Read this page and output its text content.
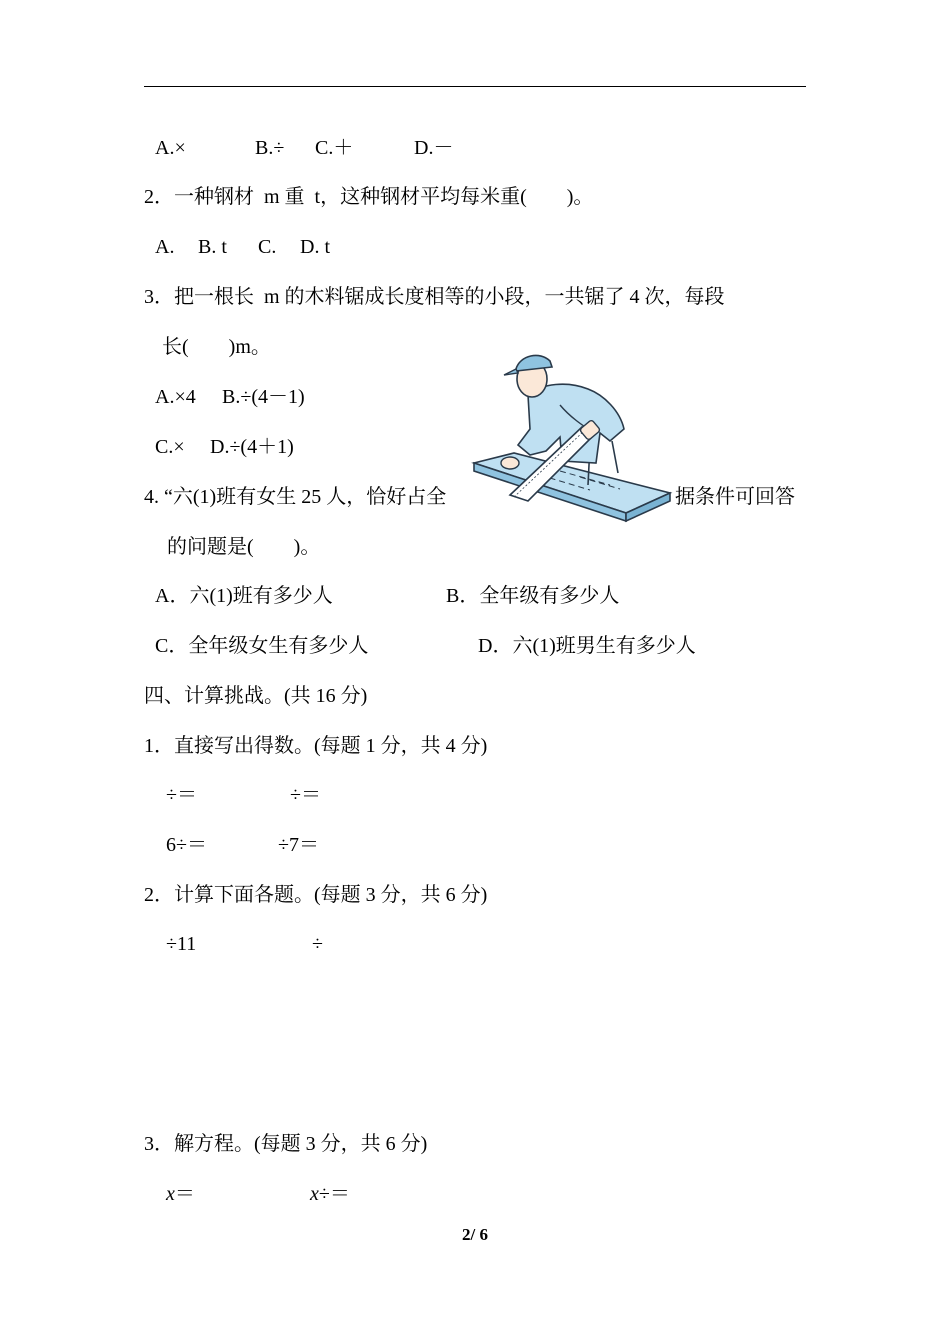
A.×	B.÷ C.＋	D.－
2．一种钢材  m 重  t，这种钢材平均每米重(        )。
A. B. t C. D. t
3．把一根长  m 的木料锯成长度相等的小段，一共锯了 4 次，每段
长(        )m。
A.×4 B.÷(4－1)
C.× D.÷(4＋1)
4. “六(1)班有女生 25 人，恰好占全	据条件可回答
的问题是(        )。
A．六(1)班有多少人	B．全年级有多少人
C．全年级女生有多少人	D．六(1)班男生有多少人
四、计算挑战。(共 16 分)
1．直接写出得数。(每题 1 分，共 4 分)
÷＝	÷＝
6÷＝	÷7＝
2．计算下面各题。(每题 3 分，共 6 分)
÷11	÷
3．解方程。(每题 3 分，共 6 分)
x＝	x÷＝
2/ 6
